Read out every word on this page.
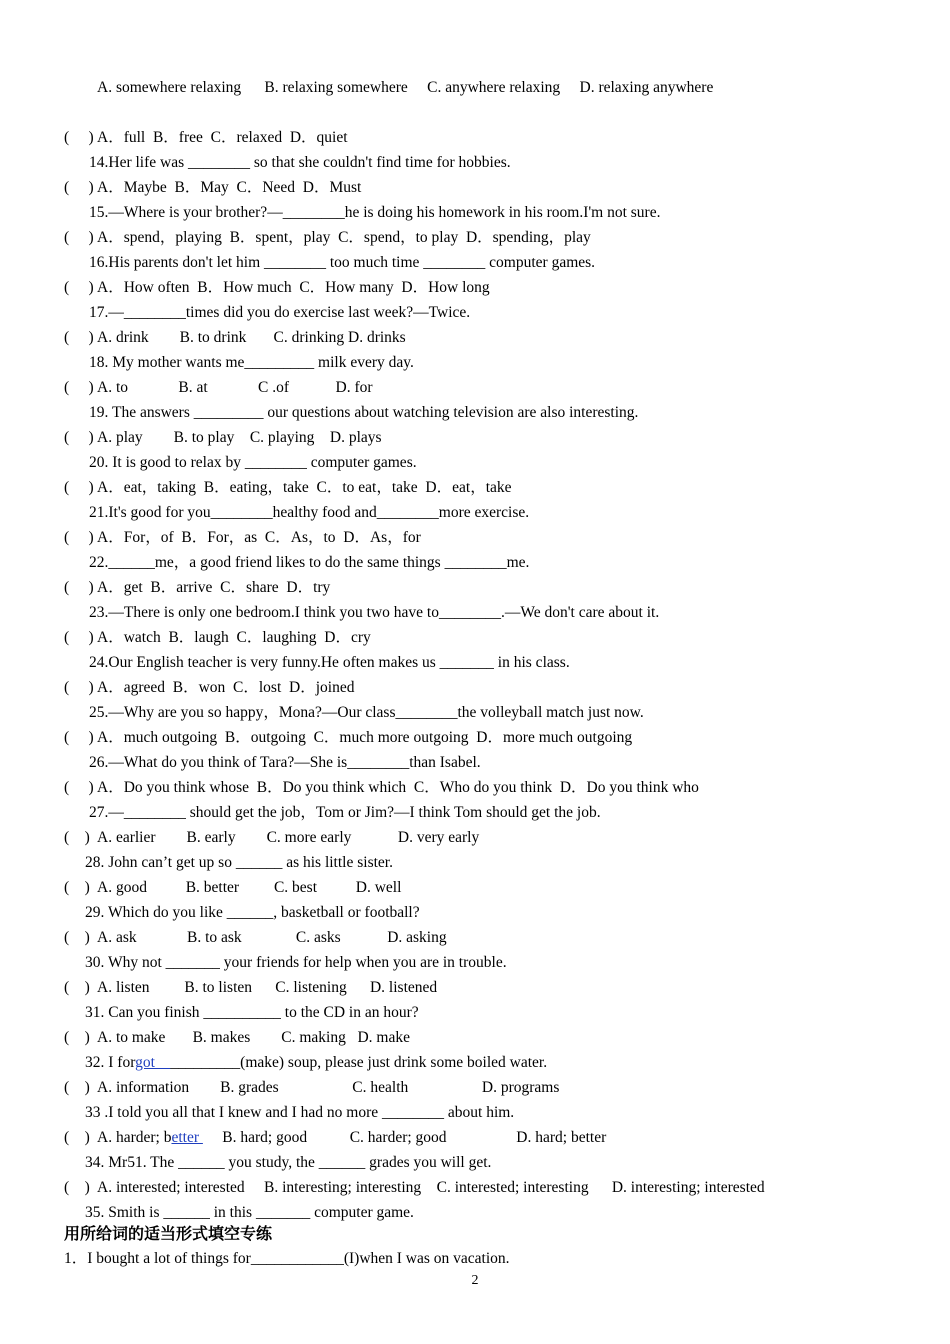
A. somewhere relaxing      B. relaxing somewhere     C. anywhere relaxing     D. relaxing anywhere

(     )

14.Her life was ________ so that she couldn't find time for hobbies.

A．full  B．free  C．relaxed  D．quiet

(     )

15.—Where is your brother?—________he is doing his homework in his room.I'm not sure.

A．Maybe  B．May  C．Need  D．Must

(     )

16.His parents don't let him ________ too much time ________ computer games.

A．spend，playing  B．spent，play  C．spend，to play  D．spending，play

(     )

17.—________times did you do exercise last week?—Twice.

A．How often  B．How much  C．How many  D．How long

(     )

18. My mother wants me_________ milk every day.

A. drink        B. to drink       C. drinking D. drinks

(     )

19. The answers _________ our questions about watching television are also interesting.

A. to             B. at             C .of            D. for

(     )

20. It is good to relax by ________ computer games.

A. play        B. to play    C. playing    D. plays

(     )

21.It's good for you________healthy food and________more exercise.

A．eat，taking  B．eating，take  C．to eat，take  D．eat，take

(     )

22.______me，a good friend likes to do the same things ________me.

A．For，of  B．For，as  C．As，to  D．As，for

(     )

23.—There is only one bedroom.I think you two have to________.—We don't care about it.

A．get  B．arrive  C．share  D．try

(     )

24.Our English teacher is very funny.He often makes us _______ in his class.

A．watch  B．laugh  C．laughing  D．cry

(     )

25.—Why are you so happy，Mona?—Our class________the volleyball match just now.

A．agreed  B．won  C．lost  D．joined

(     )

26.—What do you think of Tara?—She is________than Isabel.

A．much outgoing  B．outgoing  C．much more outgoing  D．more much outgoing

(     )

27.—________ should get the job，Tom or Jim?—I think Tom should get the job.

A．Do you think whose  B．Do you think which  C．Who do you think  D．Do you think who

(    )

28. John can’t get up so ______ as his little sister.

A. earlier        B. early        C. more early            D. very early

(    )

29. Which do you like ______, basketball or football?

A. good          B. better         C. best          D. well

(    )

30. Why not _______ your friends for help when you are in trouble.

A. ask             B. to ask              C. asks            D. asking

(    )

31. Can you finish __________ to the CD in an hour?

A. listen         B. to listen      C. listening      D. listened

(    )

32. I forgot    _________(make) soup, please just drink some boiled water.

A. to make       B. makes        C. making   D. make

(    )

33 .I told you all that I knew and I had no more ________ about him.

A. information        B. grades                   C. health                   D. programs

(    )

34. Mr51. The ______ you study, the ______ grades you will get.

A. harder; better      B. hard; good           C. harder; good                  D. hard; better

(    )

35. Smith is ______ in this _______ computer game.

A. interested; interested     B. interesting; interesting    C. interested; interesting      D. interesting; interested
用所给词的适当形式填空专练
1．I bought a lot of things for____________(I)when I was on vacation.
2
